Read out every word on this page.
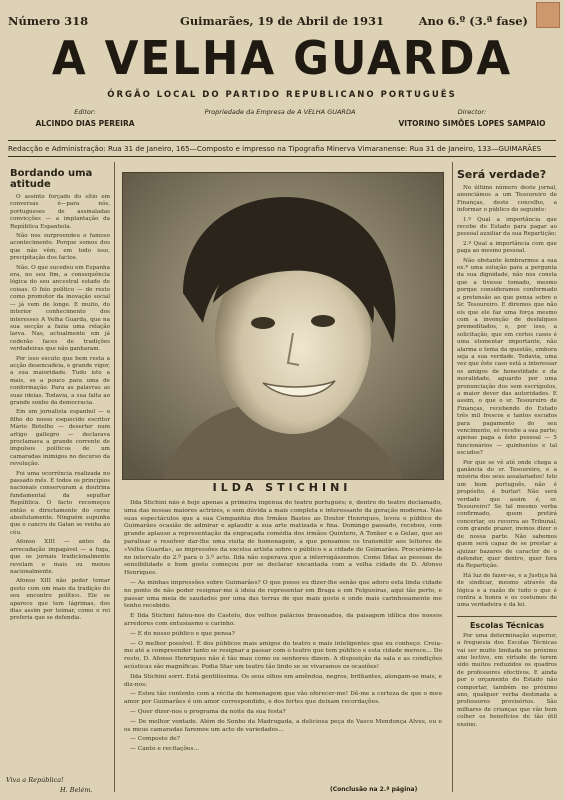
Número 318	Guimarães, 19 de Abril de 1931	Ano 6.º (3.ª fase)
A VELHA GUARDA
ÓRGÃO LOCAL DO PARTIDO REPUBLICANO PORTUGUÊS
Editor:
ALCINDO DIAS PEREIRA
Propriedade da Empresa de A VELHA GUARDA	Director:
VITORINO SIMÕES LOPES SAMPAIO
Redacção e Administração: Rua 31 de Janeiro, 165—Composto e impresso na Tipografia Minerva Vimaranense: Rua 31 de Janeiro, 133—GUIMARÃES
Bordando uma atitude

O assinto forçado do sítio em conversas é—para nós, portugueses de assinaladas convicções — a implantação da República Espanhola.

Não nos surpreendeu o famoso acontecimento. Porque somos dos que não vêm, em todo isso, precipitação dos factos.

Não. O que sucedeu em Espanha era, no seu fim, a consequência lógica do seu ancestral estado de coisas. O feio político — de resto como promotor da inovação social — já vem de longe. E muito, do interior conhecimento dos interesses A Velha Guarda, que na sua secção a fazia uma relação larva. Nas, actualmente em já cederão faces de tradições verdadeiras que não ganharam.

Por isso escuto que bem resta a acção desencadeia, e grande vigor, a sua maioridade. Tudo isto a mais, se a pouco para uma de conformação. Para as palavras as suas ideias. Todavia, a sua falta ao grande sonho da democracia.

Em um jornalista espanhol — o filho do nosso esquecido escritor Mário Botelho — deserter num artigo gallegro — declarava proclamava a grande corrente de impulsos políticos de um camaradas inimigos no decurso da revolução.

Foi uma ocorrência realizada no passado mês. E todos os princípios nacionais conservaram a doutrina fundamental da sepultar República. O facto recomeçou então e directamente do cerne absolutamente. Ninguém supunha que o cancro de Galan se venha ao céu.

Afonso XIII — antes da arrecadação impagável — a fuga, que os jornais tradicionalmente revelam o mais ou menos nacionalmente.

Afonso XIII não poder tomar gesto com um mais da tradição do seu encontro político. Ele se aparece que tem lágrimas, dos dias assim por teimar, como o rei preferia que se defendia.

Viva a República!
H. Belém.
ILDA STICHINI

Ilda Stichini não é hoje apenas a primeira ingénua do teatro português; é, dentro do teatro declamado, uma das nossas maiores actrizes, e sem dúvida a mais completa e interessante da geração moderna. Nas suas espectáculos que a sua Companhia dos Irmãos Bastos ao Doutor Henriques, levou o público de Guimarães ocasião de admirar e aplaudir a sua arte matizada e fina. Domingo passado, recebeu, com grande aplauso a representação da engraçada comédia dos irmãos Quintero, A Tonker e a Gelao, que ao paralisar e resolver dar-lhe uma visita de homenagem, a que pensamos os transmitir aos leitores de «Velha Guarda», as impressões da excelsa artista sobre o público e a cidade de Guimarães. Procurámo-la no intervalo do 2.º para o 3.º acto. Ilda não esperava que a interrogássemos. Como Ildas as pessoas de sensibilidade e bom gosto começou por se declarar encantada com a velha cidade de D. Afonso Henriques.

— As minhas impressões sobre Guimarães? O que posso eu dizer-lhe senão que adoro esta linda cidade no ponto de não poder resignar-me à ideia de representar em Braga e em Felgueiras, aqui tão perto, e passar uma meia de saudades por uma das terras de que mais gosto e onde mais carinhosamente me tenho recebido.

E Ilda Stichini falou-nos do Castelo, dos velhos palácios brasonados, da paisagem idílica dos nossos arredores com entusiasmo e carinho.

— E do nosso público e que pensa?

— O melhor possível. É dos públicos mais amigos do teatro e mais inteligentes que eu conheço. Creia-me até a compreender tanto se resignar a passar com o teatro que tem público e esta cidade merece... Do resto, D. Afonso Henriques não é tão mau como os senhores dizem. A disposição da sala e as condições acústicas são magníficas. Podia Star um teatro tão lindo se se vivaramos os ocasiões!

Ilda Stichini sorri. Está gentilíssima. Os seus olhos em amêndoa, negros, brilhantes, alongam-se mais, e diz-nos:

— Estou tão contente com a récita de homenagem que vão oferecer-me! Dê-me a certeza de que o meu amor por Guimarães é um amor correspondido, e dos fortes que deixam recordações.

— Quer dizer-nos o programa da noite da sua festa?

— De melhor vontade. Além do Sonho da Madrugada, a deliciosa peça de Vasco Mendonça Alves, eu e os meus camaradas faremos um acto de variedades...

— Composto de?

— Canto e recitações...

(Conclusão na 2.ª página)
Será verdade?

No último número deste jornal, anunciámos a um Tesoureiro de Finanças, deste concelho, a informar o público do seguinte:

1.º Qual a importância que recebe do Estado para pagar ao pessoal auxiliar da sua Repartição;

2.º Qual a importância com que paga ao mesmo pessoal.

Não obstante lembrarmos a sua ex.ª uma solução para a pergunta da sua dignidade, não nos consta que a tivesse tomado, mesmo porque consideramos conformado a pretensão ao que pensa sobre o Sr. Tesoureiro. E diremos que não eis que ele faz uma força mesmo com a invenção de desfalques premeditados, e, por isso, a solicitação, que em certos casos é uma elementar importante, não alarma o tema da questão, embora seja a sua verdade. Todavia, uma vez que êste caso está a interessar os amigos de honestidade e da moralidade, aguardo por uma pronunciação dos sem escrúpulos, a maior dever das autoridades. E assim, o que o sr. Tesoureiro de Finanças, recebendo do Estado três mil frescos e tantos escudos para pagamento do seu vencimento, só recebe a sua parte; apenas paga a êste pessoal — 5 funcionários — quinhentos e tal escudos?

Por que se vê até onde chega a ganância do sr. Tesoureiro, e a miséria dos seus assalariados! Isto um bom português, não é propósito, é burlar! Não será verdade que assim é, sr. Tesoureiro? Se tal mesmo verba confirmado, quem pretirá concertar, ou recorra ao Tribunal, com grande prazer, iremos dizer o de nossa parte. Não sabemos quem será capaz de se prestar a ajuizar bazares de caracter de o defender, quer dentro, quer fora da Repartição.

Há luz de fazer-se, e a Justiça há de sindicar, mesmo através da lógica e a razão de tudo o que é contra a honra e os costumes de uma verdadeira e da lei.

Escolas Técnicas

Por uma determinação superior, a freguesia dos Escolas Técnicas vai ser muito limitada no próximo ano lectivo, em virtude de terem sido muitos reduzidos os quadros de professores efectivos. E ainda por o orçamento do Estado não comportar, também no próximo ano, qualquer verba destinada a professores provisórios. São milhares de crianças que vão bem colher os benefícios de tão útil ensino.
